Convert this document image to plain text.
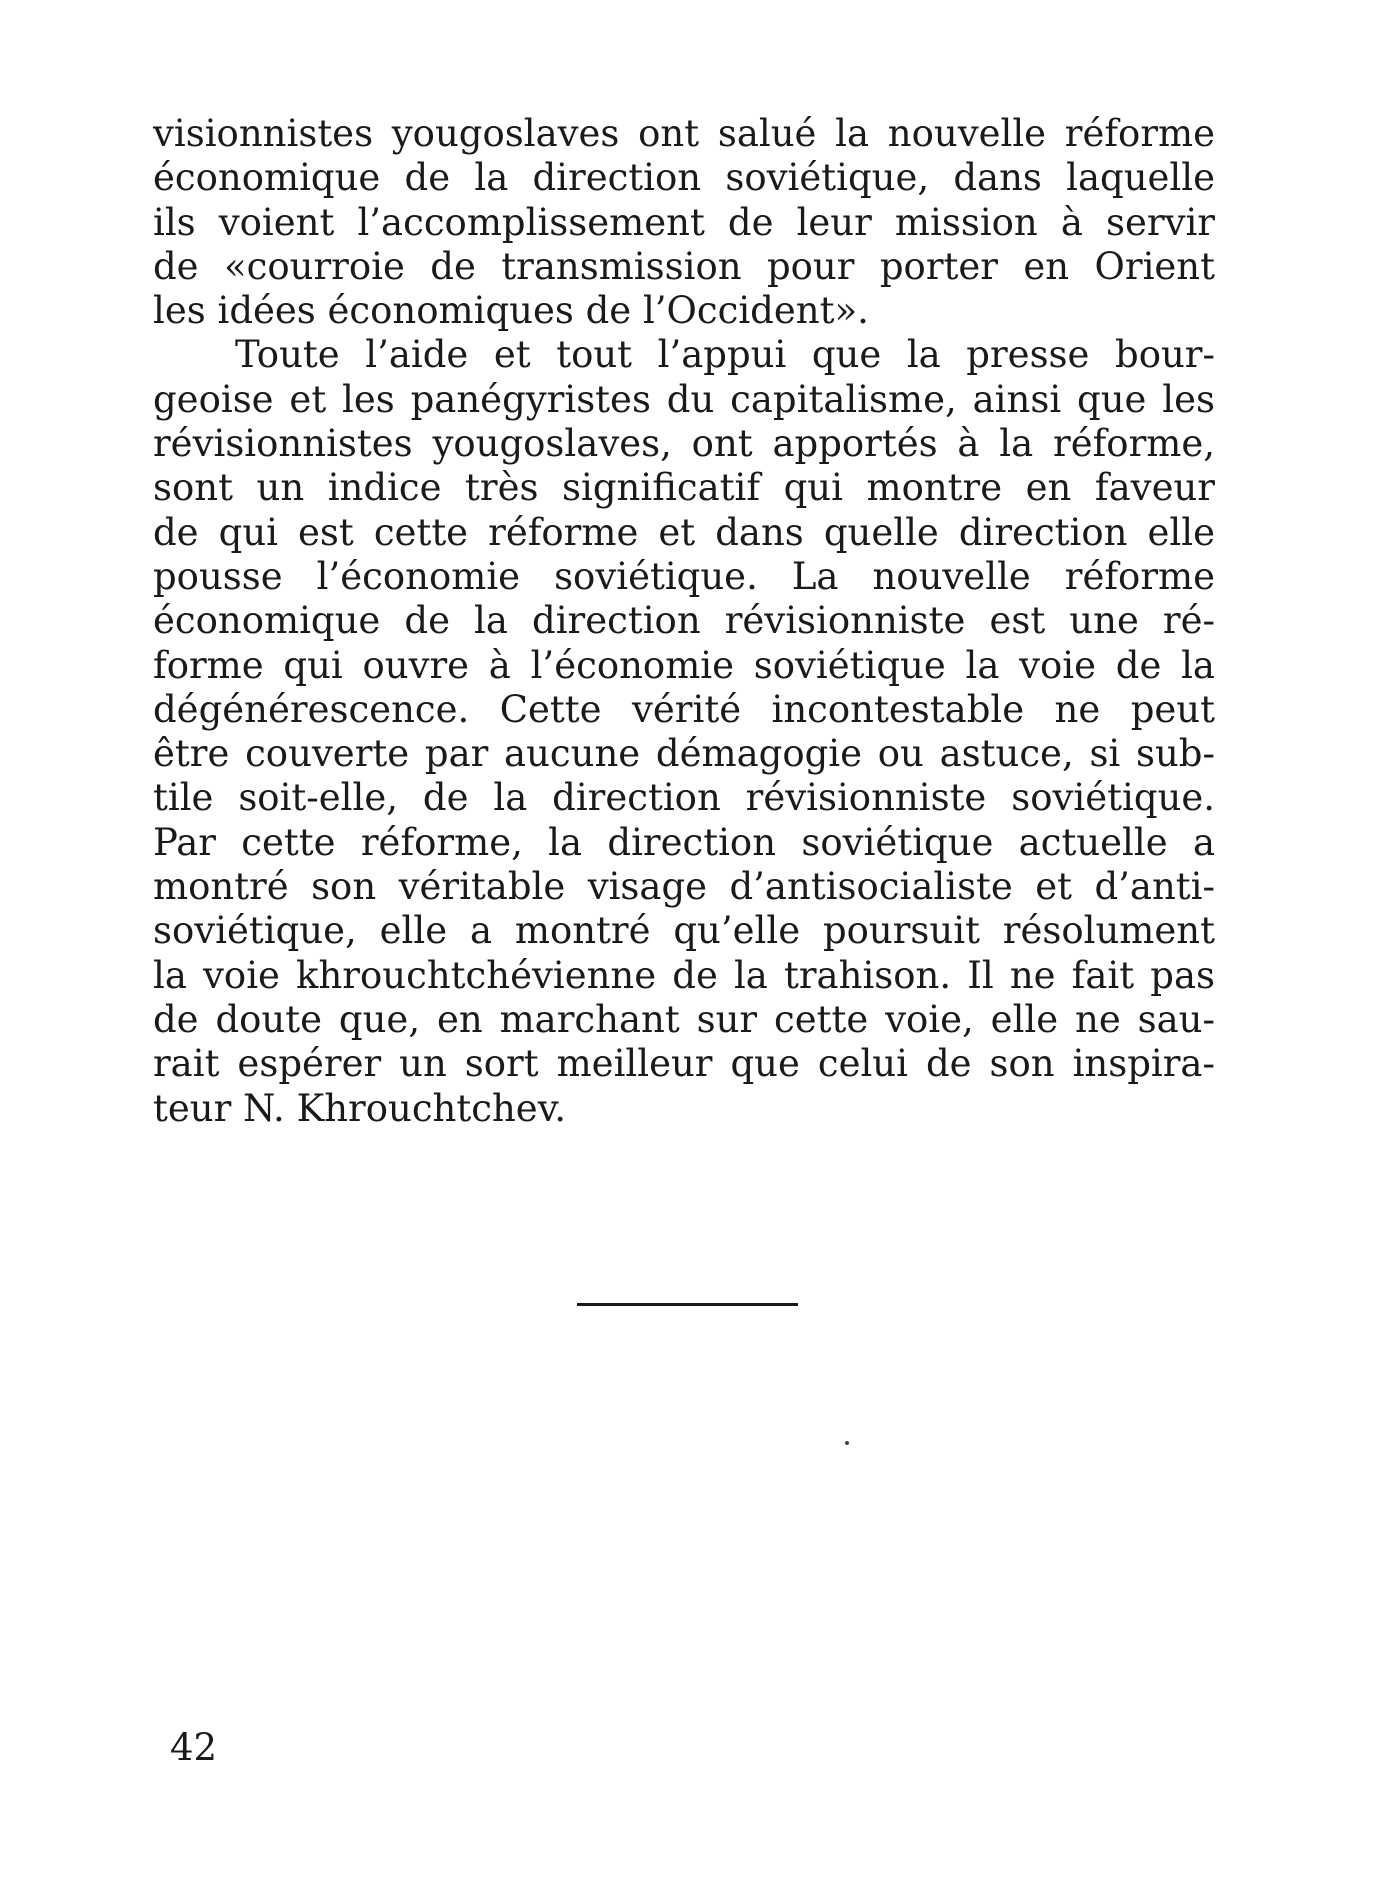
visionnistes yougoslaves ont salué la nouvelle réforme
économique de la direction soviétique, dans laquelle
ils voient l’accomplissement de leur mission à servir
de «courroie de transmission pour porter en Orient
les idées économiques de l’Occident».
Toute l’aide et tout l’appui que la presse bour-
geoise et les panégyristes du capitalisme, ainsi que les
révisionnistes yougoslaves, ont apportés à la réforme,
sont un indice très significatif qui montre en faveur
de qui est cette réforme et dans quelle direction elle
pousse l’économie soviétique. La nouvelle réforme
économique de la direction révisionniste est une ré-
forme qui ouvre à l’économie soviétique la voie de la
dégénérescence. Cette vérité incontestable ne peut
être couverte par aucune démagogie ou astuce, si sub-
tile soit-elle, de la direction révisionniste soviétique.
Par cette réforme, la direction soviétique actuelle a
montré son véritable visage d’antisocialiste et d’anti-
soviétique, elle a montré qu’elle poursuit résolument
la voie khrouchtchévienne de la trahison. Il ne fait pas
de doute que, en marchant sur cette voie, elle ne sau-
rait espérer un sort meilleur que celui de son inspira-
teur N. Khrouchtchev.
42
